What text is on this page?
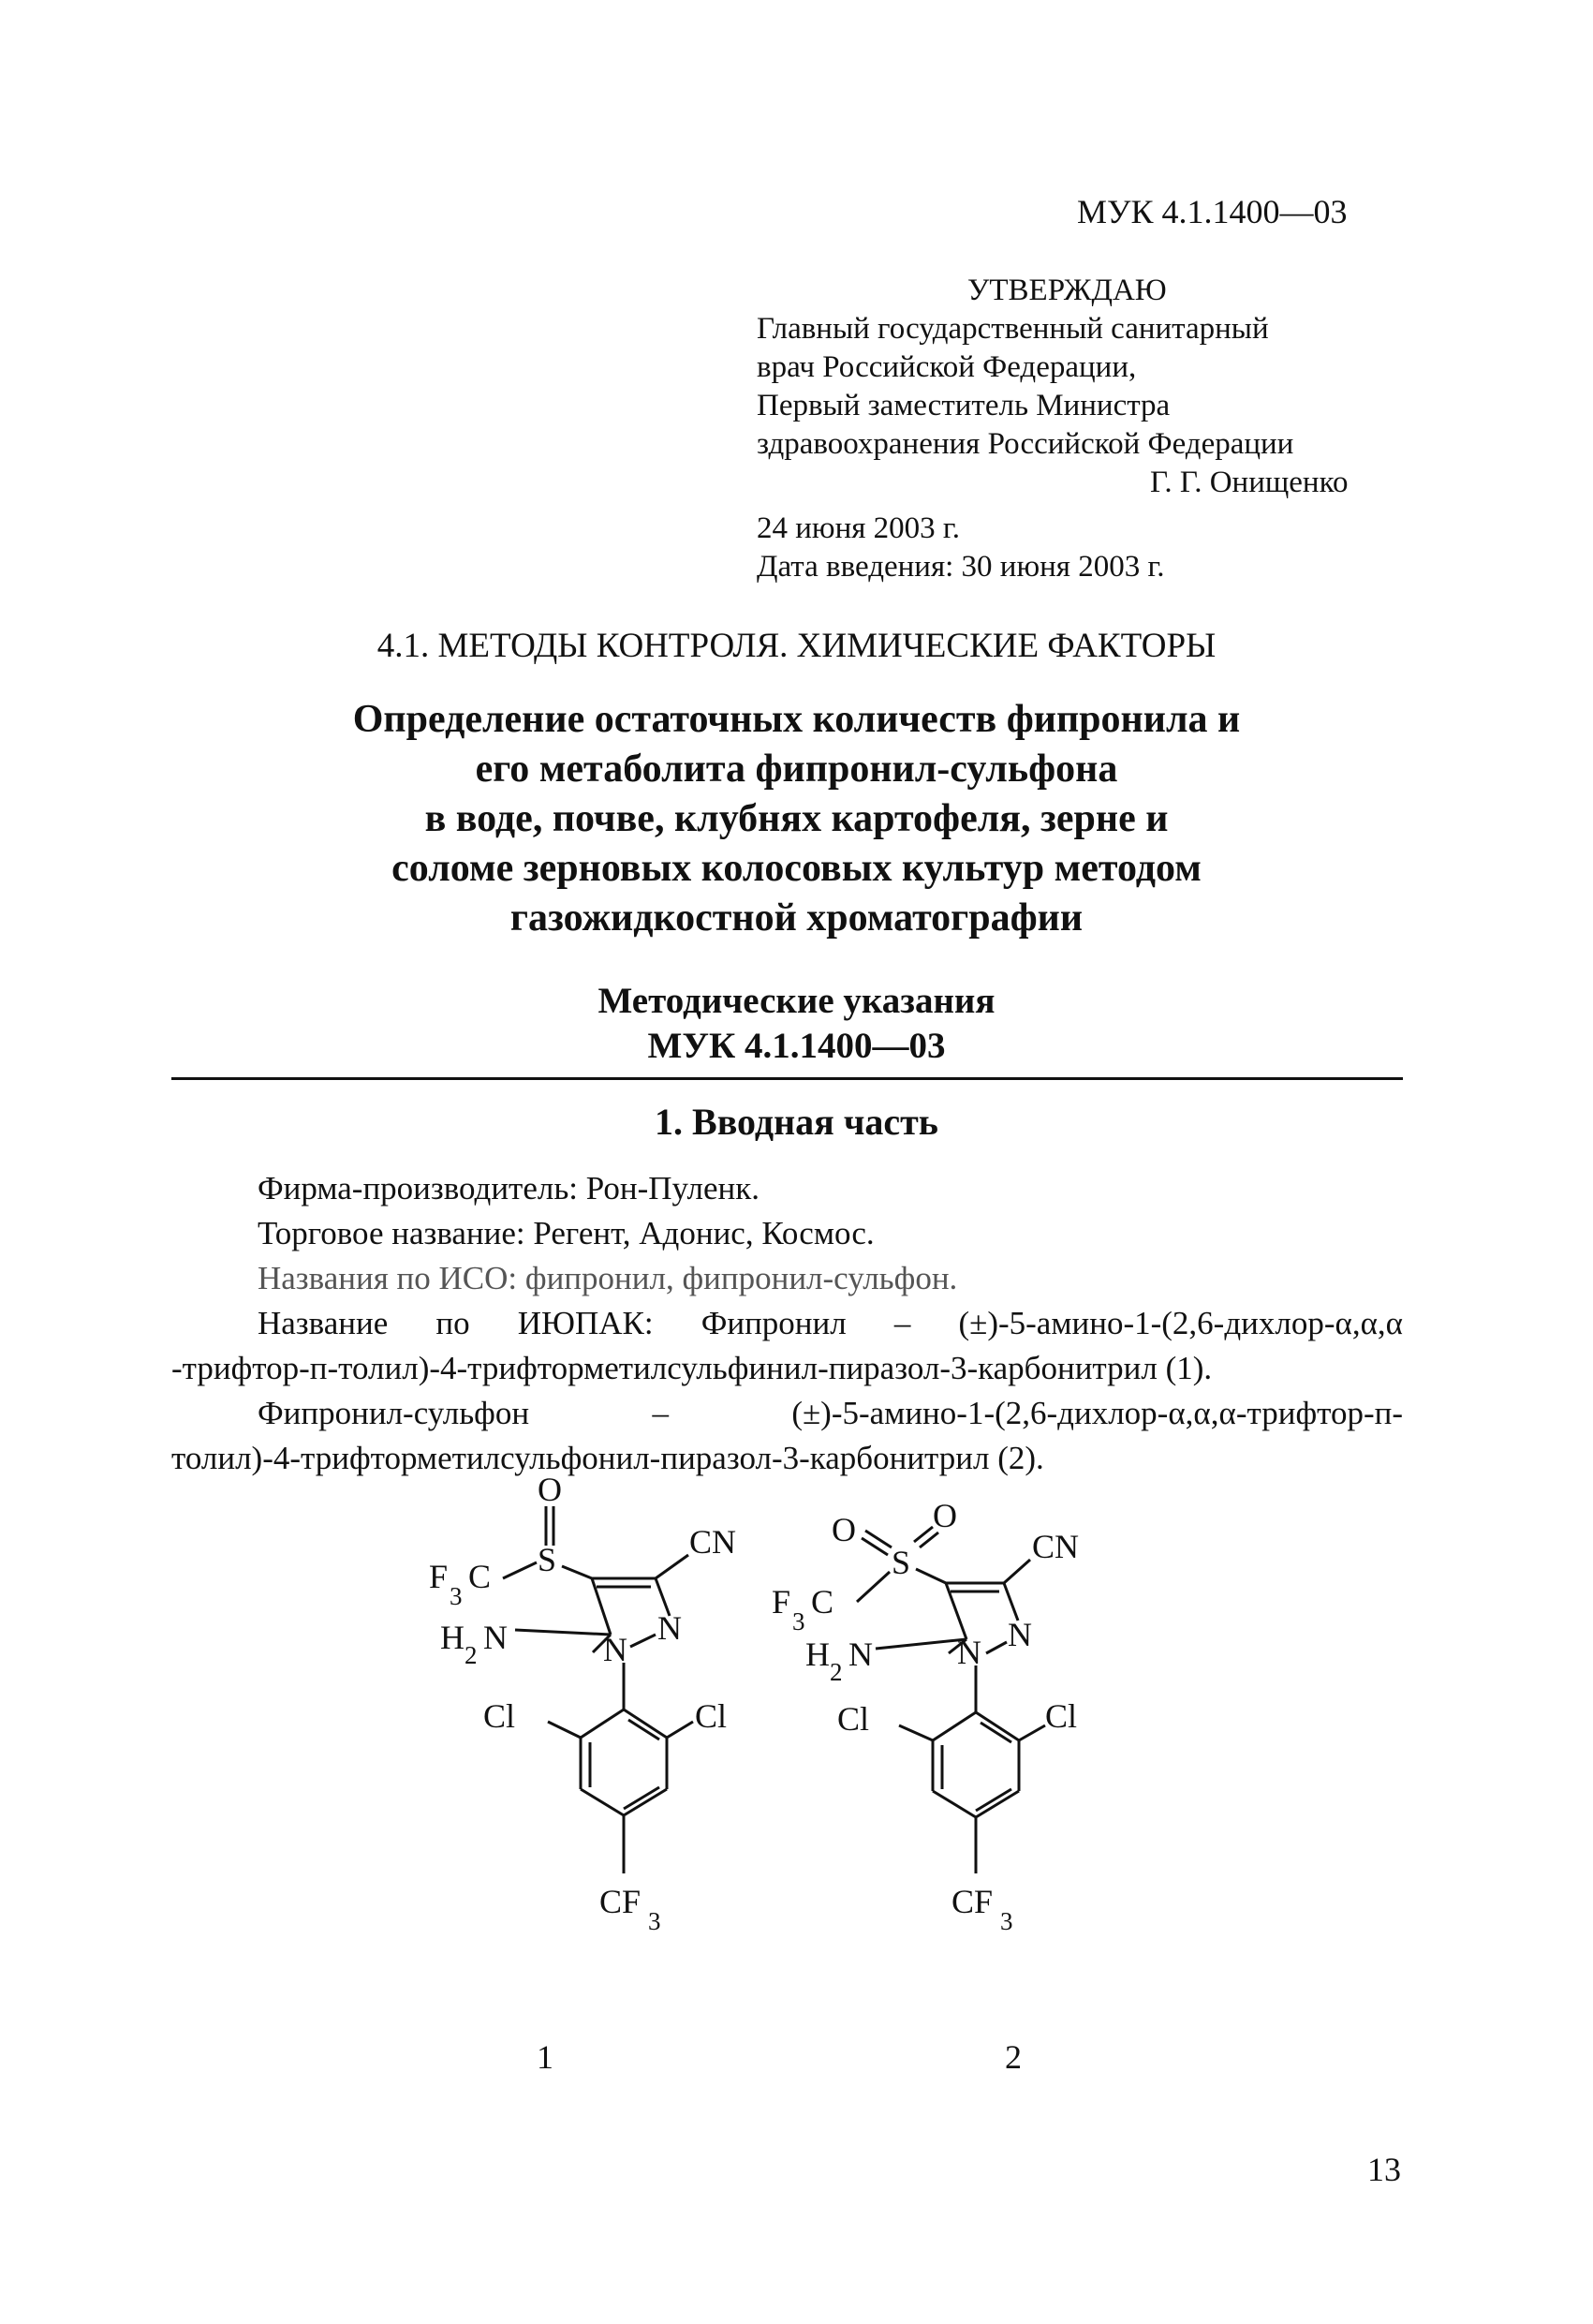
МУК 4.1.1400—03
УТВЕРЖДАЮ
Главный государственный санитарный
врач Российской Федерации,
Первый заместитель Министра
здравоохранения Российской Федерации
Г. Г. Онищенко
24 июня 2003 г.
Дата введения: 30 июня 2003 г.
4.1. МЕТОДЫ КОНТРОЛЯ. ХИМИЧЕСКИЕ ФАКТОРЫ
Определение остаточных количеств фипронила и
его метаболита фипронил-сульфона
в воде, почве, клубнях картофеля, зерне и
соломе зерновых колосовых культур методом
газожидкостной хроматографии
Методические указания
МУК 4.1.1400—03
1. Вводная часть

Фирма-производитель: Рон-Пуленк.

Торговое название: Регент, Адонис, Космос.

Названия по ИСО: фипронил, фипронил-сульфон.

Название по ИЮПАК: Фипронил – (±)-5-амино-1-(2,6-дихлор-α,α,α

-трифтор-п-толил)-4-трифторметилсульфинил-пиразол-3-карбонитрил (1).

Фипронил-сульфон – (±)-5-амино-1-(2,6-дихлор-α,α,α-трифтор-п-

толил)-4-трифторметилсульфонил-пиразол-3-карбонитрил (2).

O
S	CN
F
3
C
H 2 N	N
N
Cl	Cl
CF
3
1
O O
S	CN
F
3
C
H 2 N	N N
Cl	Cl
CF
3
2
13
